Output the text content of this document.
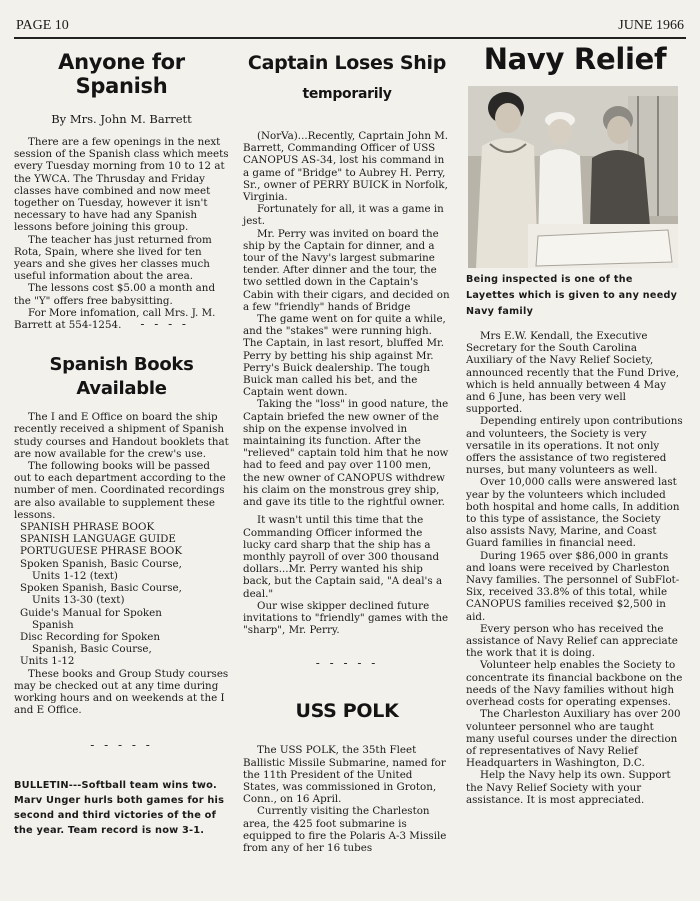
PAGE 10	JUNE 1966
Anyone for Spanish
By Mrs. John M. Barrett

There are a few openings in the next session of the Spanish class which meets every Tuesday morning from 10 to 12 at the YWCA. The Thrusday and Friday classes have combined and now meet together on Tuesday, however it isn't necessary to have had any Spanish lessons before joining this group.

The teacher has just returned from Rota, Spain, where she lived for ten years and she gives her classes much useful information about the area.

The lessons cost $5.00 a month and the "Y" offers free babysitting.

For More infomation, call Mrs. J. M. Barrett at 554-1254.	- - - -
Spanish Books Available

The I and E Office on board the ship recently received a shipment of Spanish study courses and Handout booklets that are now available for the crew's use.

The following books will be passed out to each department according to the number of men. Coordinated recordings are also available to supplement these lessons.

SPANISH PHRASE BOOK
SPANISH LANGUAGE GUIDE
PORTUGUESE PHRASE BOOK
Spoken Spanish, Basic Course,
Units 1-12 (text)
Spoken Spanish, Basic Course,
Units 13-30 (text)
Guide's Manual for Spoken
Spanish
Disc Recording for Spoken
Spanish, Basic Course,
Units 1-12

These books and Group Study courses may be checked out at any time during working hours and on weekends at the I and E Office.

- - - - -

BULLETIN---Softball team wins two. Marv Unger hurls both games for his second and third victories of the of the year. Team record is now 3-1.

Captain Loses Ship
temporarily

(NorVa)...Recently, Caprtain John M. Barrett, Commanding Officer of USS CANOPUS AS-34, lost his command in a game of "Bridge" to Aubrey H. Perry, Sr., owner of PERRY BUICK in Norfolk, Virginia.

Fortunately for all, it was a game in jest.

Mr. Perry was invited on board the ship by the Captain for dinner, and a tour of the Navy's largest submarine tender. After dinner and the tour, the two settled down in the Captain's Cabin with their cigars, and decided on a few "friendly" hands of Bridge

The game went on for quite a while, and the "stakes" were running high. The Captain, in last resort, bluffed Mr. Perry by betting his ship against Mr. Perry's Buick dealership. The tough Buick man called his bet, and the Captain went down.

Taking the "loss" in good nature, the Captain briefed the new owner of the ship on the expense involved in maintaining its function. After the "relieved" captain told him that he now had to feed and pay over 1100 men, the new owner of CANOPUS withdrew his claim on the monstrous grey ship, and gave its title to the rightful owner.

It wasn't until this time that the Commanding Officer informed the lucky card sharp that the ship has a monthly payroll of over 300 thousand dollars...Mr. Perry wanted his ship back, but the Captain said, "A deal's a deal."

Our wise skipper declined future invitations to "friendly" games with the "sharp", Mr. Perry.

- - - - -
USS POLK

The USS POLK, the 35th Fleet Ballistic Missile Submarine, named for the 11th President of the United States, was commissioned in Groton, Conn., on 16 April.

Currently visiting the Charleston area, the 425 foot submarine is equipped to fire the Polaris A-3 Missile from any of her 16 tubes

Navy Relief

Being inspected is one of the Layettes which is given to any needy Navy family

Mrs E.W. Kendall, the Executive Secretary for the South Carolina Auxiliary of the Navy Relief Society, announced recently that the Fund Drive, which is held annually between 4 May and 6 June, has been very well supported.

Depending entirely upon contributions and volunteers, the Society is very versatile in its operations. It not only offers the assistance of two registered nurses, but many volunteers as well.

Over 10,000 calls were answered last year by the volunteers which included both hospital and home calls, In addition to this type of assistance, the Society also assists Navy, Marine, and Coast Guard families in financial need.

During 1965 over $86,000 in grants and loans were received by Charleston Navy families. The personnel of SubFlot-Six, received 33.8% of this total, while CANOPUS families received $2,500 in aid.

Every person who has received the assistance of Navy Relief can appreciate the work that it is doing.

Volunteer help enables the Society to concentrate its financial backbone on the needs of the Navy families without high overhead costs for operating expenses.

The Charleston Auxiliary has over 200 volunteer personnel who are taught many useful courses under the direction of representatives of Navy Relief Headquarters in Washington, D.C.

Help the Navy help its own. Support the Navy Relief Society with your assistance. It is most appreciated.
